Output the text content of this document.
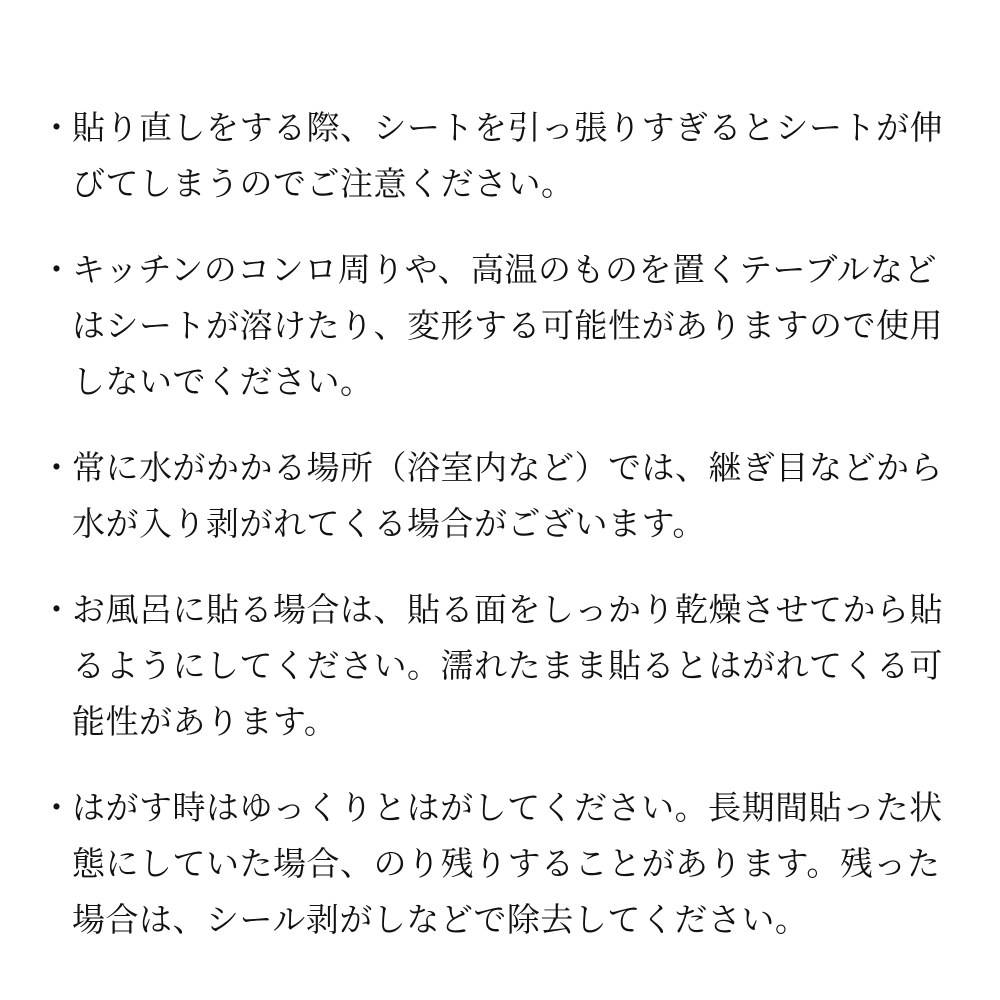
・ 貼り直しをする際、シートを引っ張りすぎるとシートが伸びてしまうのでご注意ください。
・ キッチンのコンロ周りや、高温のものを置くテーブルなどはシートが溶けたり、変形する可能性がありますので使用しないでください。
・ 常に水がかかる場所（浴室内など）では、継ぎ目などから水が入り剥がれてくる場合がございます。
・ お風呂に貼る場合は、貼る面をしっかり乾燥させてから貼るようにしてください。濡れたまま貼るとはがれてくる可能性があります。
・ はがす時はゆっくりとはがしてください。長期間貼った状態にしていた場合、のり残りすることがあります。残った場合は、シール剥がしなどで除去してください。
